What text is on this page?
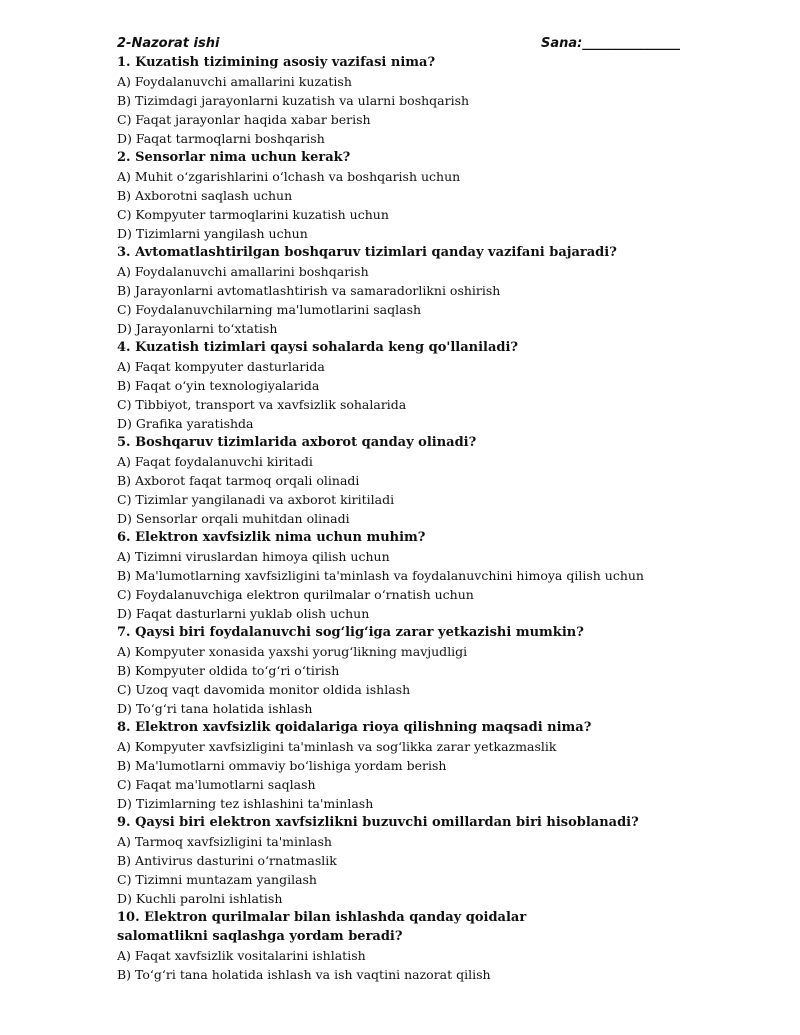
2-Nazorat ishi	Sana:_______________
1. Kuzatish tizimining asosiy vazifasi nima?
A) Foydalanuvchi amallarini kuzatish
B) Tizimdagi jarayonlarni kuzatish va ularni boshqarish
C) Faqat jarayonlar haqida xabar berish
D) Faqat tarmoqlarni boshqarish
2. Sensorlar nima uchun kerak?
A) Muhit o‘zgarishlarini o‘lchash va boshqarish uchun
B) Axborotni saqlash uchun
C) Kompyuter tarmoqlarini kuzatish uchun
D) Tizimlarni yangilash uchun
3. Avtomatlashtirilgan boshqaruv tizimlari qanday vazifani bajaradi?
A) Foydalanuvchi amallarini boshqarish
B) Jarayonlarni avtomatlashtirish va samaradorlikni oshirish
C) Foydalanuvchilarning ma'lumotlarini saqlash
D) Jarayonlarni to‘xtatish
4. Kuzatish tizimlari qaysi sohalarda keng qo'llaniladi?
A) Faqat kompyuter dasturlarida
B) Faqat o‘yin texnologiyalarida
C) Tibbiyot, transport va xavfsizlik sohalarida
D) Grafika yaratishda
5. Boshqaruv tizimlarida axborot qanday olinadi?
A) Faqat foydalanuvchi kiritadi
B) Axborot faqat tarmoq orqali olinadi
C) Tizimlar yangilanadi va axborot kiritiladi
D) Sensorlar orqali muhitdan olinadi
6. Elektron xavfsizlik nima uchun muhim?
A) Tizimni viruslardan himoya qilish uchun
B) Ma'lumotlarning xavfsizligini ta'minlash va foydalanuvchini himoya qilish uchun
C) Foydalanuvchiga elektron qurilmalar o‘rnatish uchun
D) Faqat dasturlarni yuklab olish uchun
7. Qaysi biri foydalanuvchi sog‘lig‘iga zarar yetkazishi mumkin?
A) Kompyuter xonasida yaxshi yorug‘likning mavjudligi
B) Kompyuter oldida to‘g‘ri o‘tirish
C) Uzoq vaqt davomida monitor oldida ishlash
D) To‘g‘ri tana holatida ishlash
8. Elektron xavfsizlik qoidalariga rioya qilishning maqsadi nima?
A) Kompyuter xavfsizligini ta'minlash va sog‘likka zarar yetkazmaslik
B) Ma'lumotlarni ommaviy bo‘lishiga yordam berish
C) Faqat ma'lumotlarni saqlash
D) Tizimlarning tez ishlashini ta'minlash
9. Qaysi biri elektron xavfsizlikni buzuvchi omillardan biri hisoblanadi?
A) Tarmoq xavfsizligini ta'minlash
B) Antivirus dasturini o‘rnatmaslik
C) Tizimni muntazam yangilash
D) Kuchli parolni ishlatish
10. Elektron qurilmalar bilan ishlashda qanday qoidalar salomatlikni saqlashga yordam beradi?
A) Faqat xavfsizlik vositalarini ishlatish
B) To‘g‘ri tana holatida ishlash va ish vaqtini nazorat qilish
